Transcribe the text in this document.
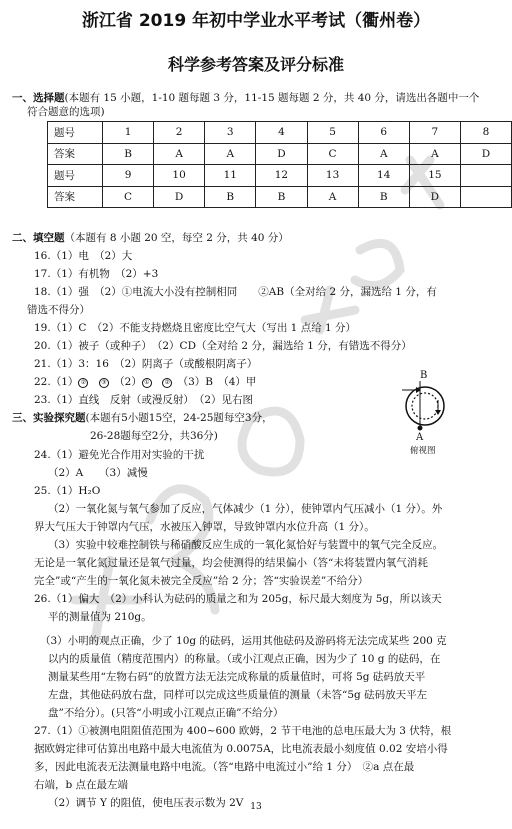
浙江省 2019 年初中学业水平考试（衢州卷）
科学参考答案及评分标准
一、选择题(本题有 15 小题，1-10 题每题 3 分，11-15 题每题 2 分，共 40 分，请选出各题中一个
符合题意的选项)
题号	1	2	3	4	5	6	7	8
答案	B	A	A	D	C	A	A	D
题号	9	10	11	12	13	14	15	
答案	C	D	B	B	A	B	D	
二、填空题（本题有 8 小题 20 空，每空 2 分，共 40 分）
16.（1）电　（2）大
17.（1）有机物　（2）+3
18.（1）强　（2）①电流大小没有控制相同　　②AB（全对给 2 分，漏选给 1 分，有
错选不得分）
19.（1）C　（2）不能支持燃烧且密度比空气大（写出 1 点给 1 分）
20.（1）被子（或种子）　（2）CD（全对给 2 分，漏选给 1 分，有错选不得分）
21.（1）3：16　（2）阴离子（或酸根阴离子）
22.（1） ②　	③　 （2） ①　	②　 （3）B　（4）甲
23.（1）直线　反射（或漫反射）　（2）见右图
B
A
俯视图
三、实验探究题(本题有5小题15空，24-25题每空3分，
26-28题每空2分，共36分)
24.（1）避免光合作用对实验的干扰
（2）A　　（3）减慢
25.（1）H₂O
（2）一氧化氮与氧气参加了反应，气体减少（1 分），使钟罩内气压减小（1 分）。外
界大气压大于钟罩内气压，水被压入钟罩，导致钟罩内水位升高（1 分）。
（3）实验中较难控制铁与稀硝酸反应生成的一氧化氮恰好与装置中的氧气完全反应。
无论是一氧化氮过量还是氧气过量，均会使测得的结果偏小（答“未将装置内氧气消耗
完全”或“产生的一氧化氮未被完全反应”给 2 分；答“实验误差”不给分）
26.（1）偏大　（2）小科认为砝码的质量之和为 205g，标尺最大刻度为 5g，所以该天
平的测量值为 210g。
（3）小明的观点正确，少了 10g 的砝码，运用其他砝码及游码将无法完成某些 200 克
以内的质量值（精度范围内）的称量。（或小江观点正确，因为少了 10 g 的砝码，在
测量某些用“左物右码”的放置方法无法完成称量的质量值时，可将 5g 砝码放天平
左盘，其他砝码放右盘，同样可以完成这些质量值的测量（未答“5g 砝码放天平左
盘”不给分）。(只答“小明或小江观点正确”不给分）
27.（1）①被测电阻阻值范围为 400~600 欧姆，2 节干电池的总电压最大为 3 伏特，根
据欧姆定律可估算出电路中最大电流值为 0.0075A，比电流表最小刻度值 0.02 安培小得
多，因此电流表无法测量电路中电流。（答“电路中电流过小”给 1 分）　②a 点在最
右端，b 点在最左端
（2）调节 Y 的阻值，使电压表示数为 2V 13
